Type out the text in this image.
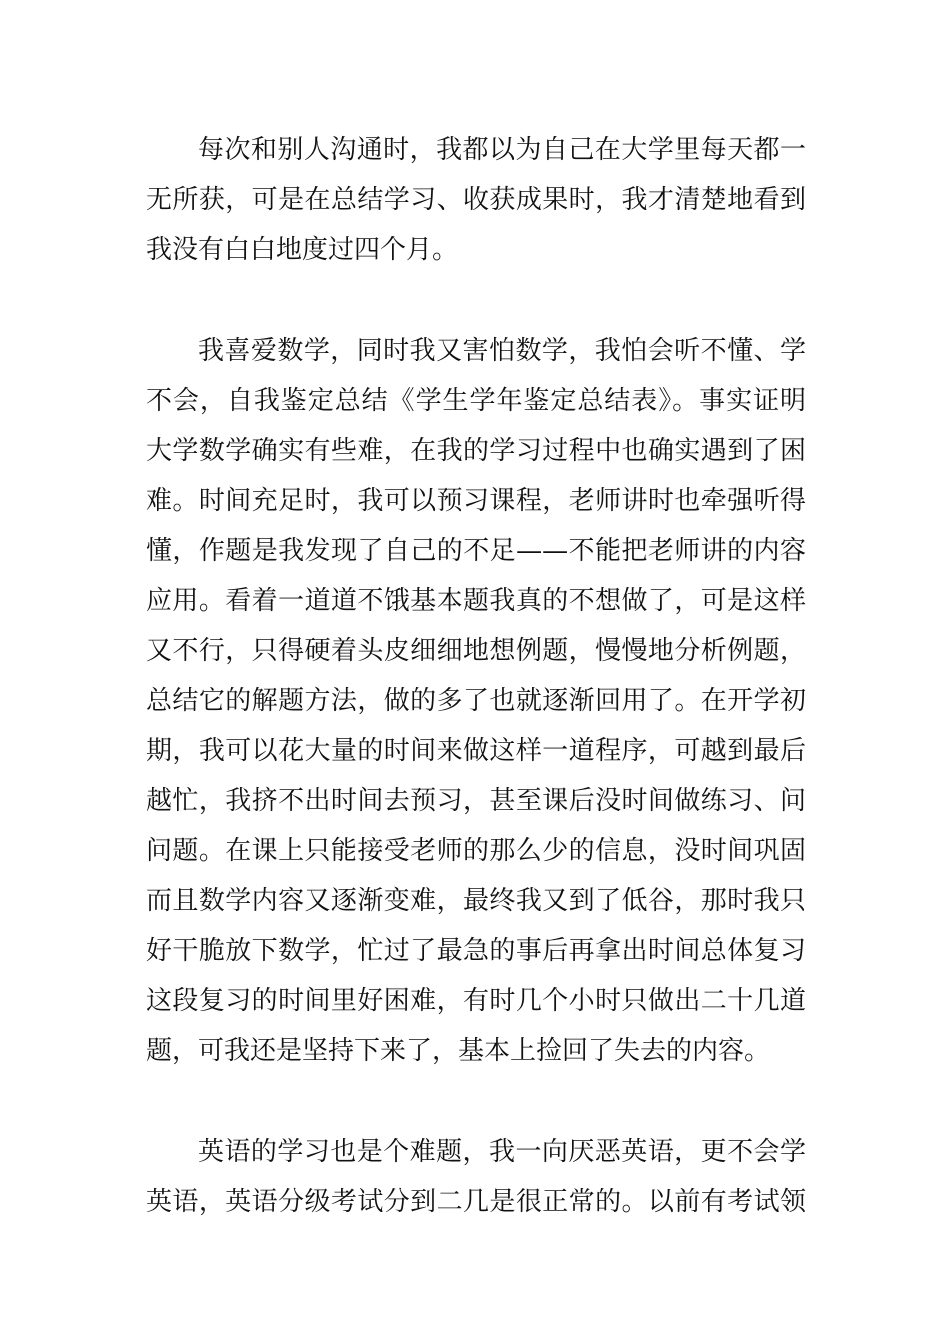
每次和别人沟通时，我都以为自己在大学里每天都一
无所获，可是在总结学习、收获成果时，我才清楚地看到
我没有白白地度过四个月。
我喜爱数学，同时我又害怕数学，我怕会听不懂、学
不会，自我鉴定总结《学生学年鉴定总结表》。事实证明
大学数学确实有些难，在我的学习过程中也确实遇到了困
难。时间充足时，我可以预习课程，老师讲时也牵强听得
懂，作题是我发现了自己的不足——不能把老师讲的内容
应用。看着一道道不饿基本题我真的不想做了，可是这样
又不行，只得硬着头皮细细地想例题，慢慢地分析例题，
总结它的解题方法，做的多了也就逐渐回用了。在开学初
期，我可以花大量的时间来做这样一道程序，可越到最后
越忙，我挤不出时间去预习，甚至课后没时间做练习、问
问题。在课上只能接受老师的那么少的信息，没时间巩固
而且数学内容又逐渐变难，最终我又到了低谷，那时我只
好干脆放下数学，忙过了最急的事后再拿出时间总体复习
这段复习的时间里好困难，有时几个小时只做出二十几道
题，可我还是坚持下来了，基本上捡回了失去的内容。
英语的学习也是个难题，我一向厌恶英语，更不会学
英语，英语分级考试分到二几是很正常的。以前有考试领
